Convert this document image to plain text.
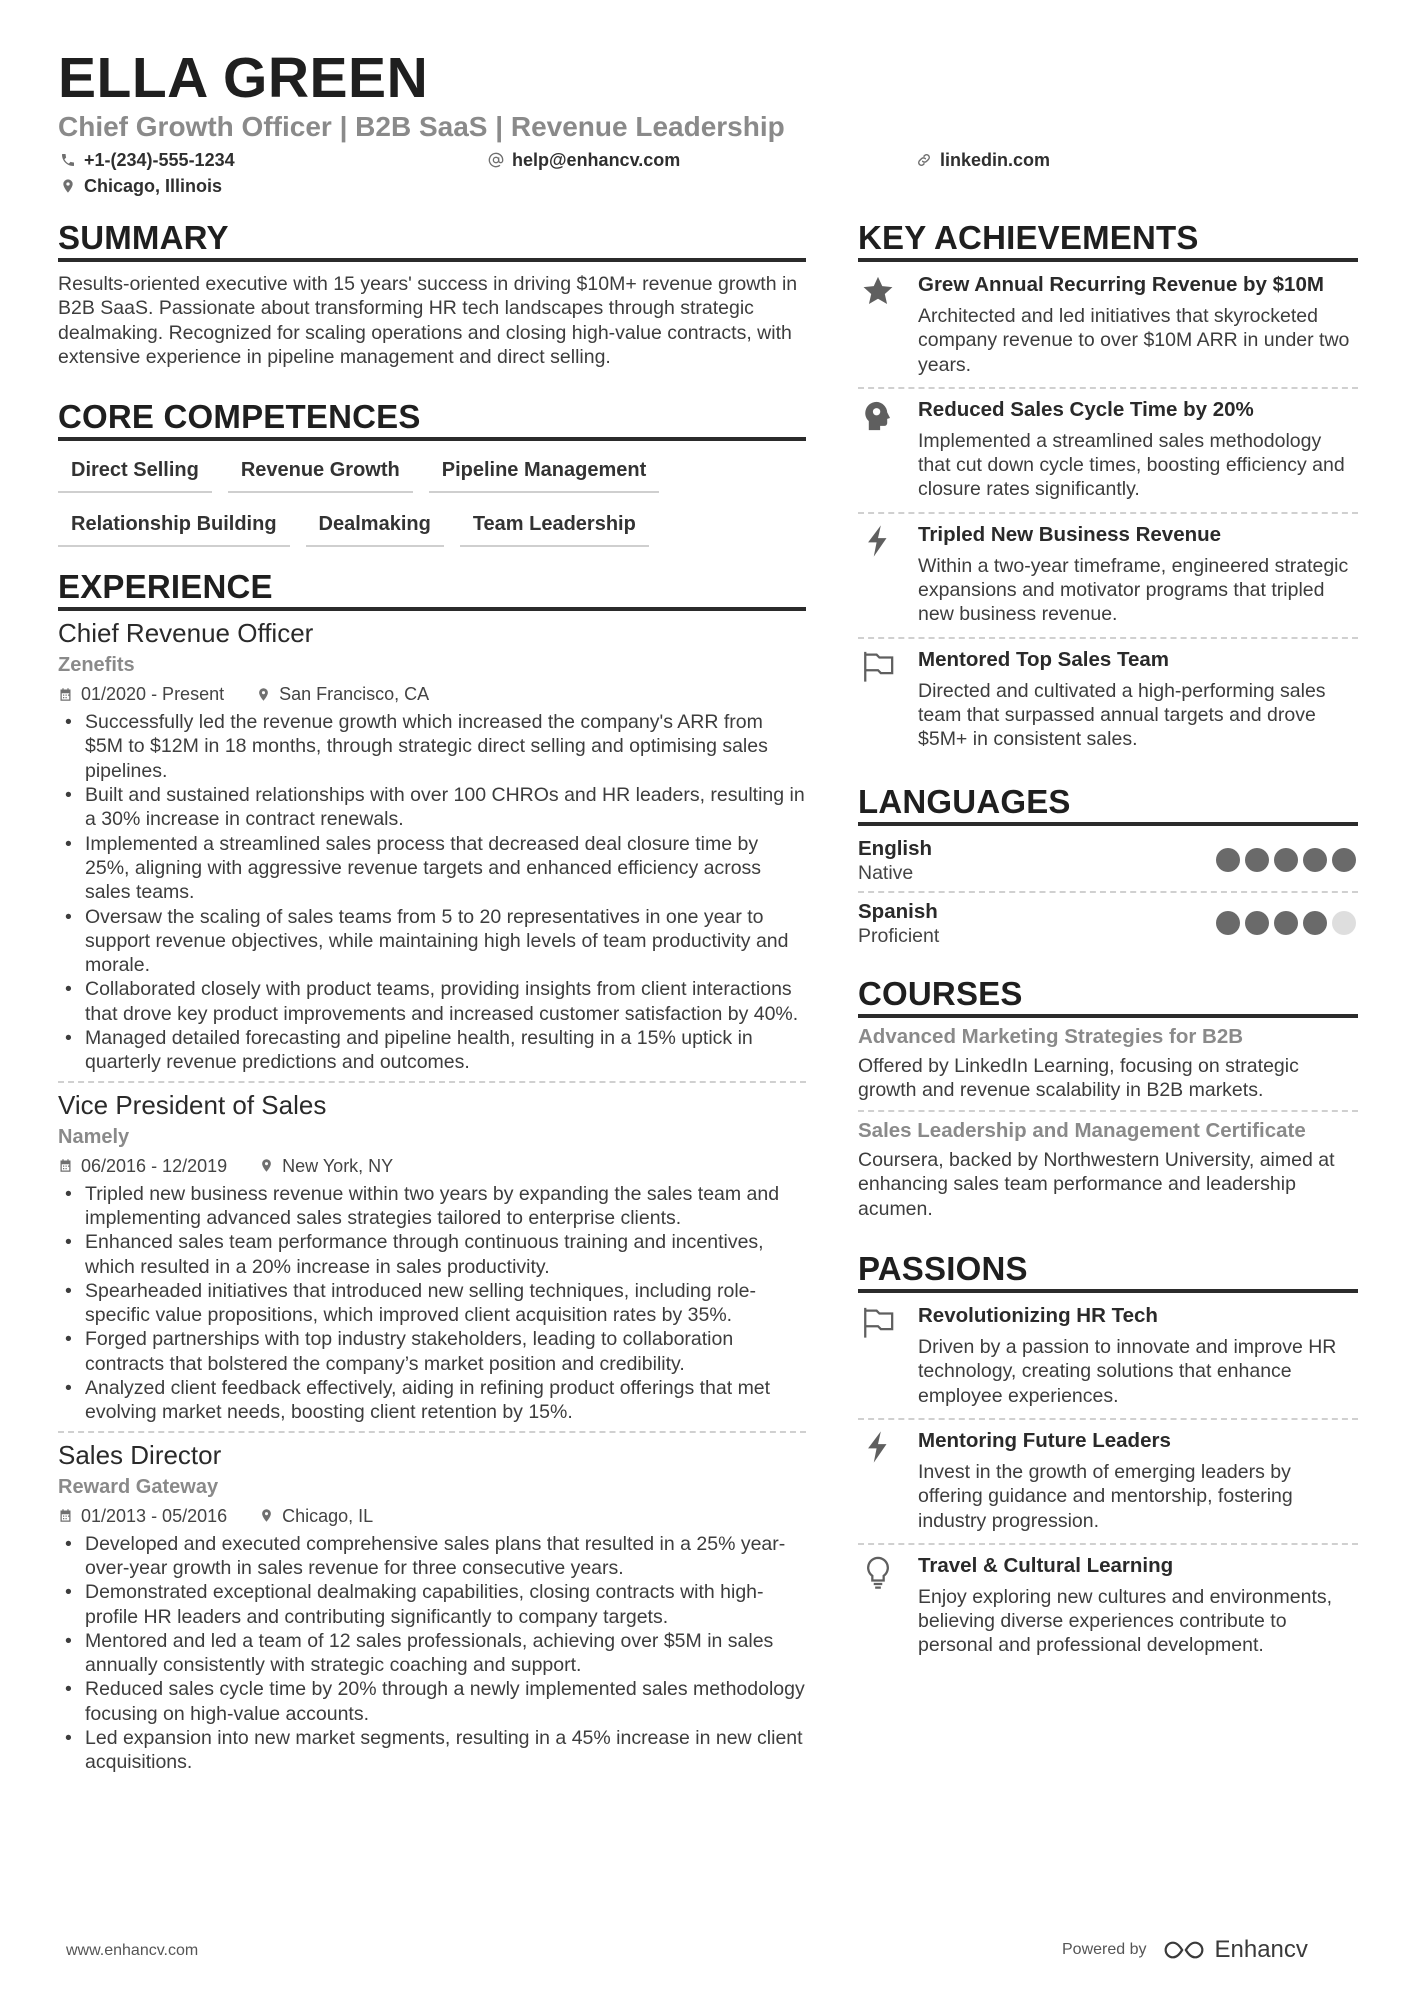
ELLA GREEN
Chief Growth Officer | B2B SaaS | Revenue Leadership
+1-(234)-555-1234	help@enhancv.com	linkedin.com
Chicago, Illinois
SUMMARY

Results-oriented executive with 15 years' success in driving $10M+ revenue growth in B2B SaaS. Passionate about transforming HR tech landscapes through strategic dealmaking. Recognized for scaling operations and closing high-value contracts, with extensive experience in pipeline management and direct selling.

CORE COMPETENCES
Direct Selling	Revenue Growth	Pipeline Management
Relationship Building	Dealmaking	Team Leadership
EXPERIENCE
Chief Revenue Officer
Zenefits
01/2020 - Present	San Francisco, CA
• Successfully led the revenue growth which increased the company's ARR from $5M to $12M in 18 months, through strategic direct selling and optimising sales pipelines.
• Built and sustained relationships with over 100 CHROs and HR leaders, resulting in a 30% increase in contract renewals.
• Implemented a streamlined sales process that decreased deal closure time by 25%, aligning with aggressive revenue targets and enhanced efficiency across sales teams.
• Oversaw the scaling of sales teams from 5 to 20 representatives in one year to support revenue objectives, while maintaining high levels of team productivity and morale.
• Collaborated closely with product teams, providing insights from client interactions that drove key product improvements and increased customer satisfaction by 40%.
• Managed detailed forecasting and pipeline health, resulting in a 15% uptick in quarterly revenue predictions and outcomes.
Vice President of Sales
Namely
06/2016 - 12/2019	New York, NY
• Tripled new business revenue within two years by expanding the sales team and implementing advanced sales strategies tailored to enterprise clients.
• Enhanced sales team performance through continuous training and incentives, which resulted in a 20% increase in sales productivity.
• Spearheaded initiatives that introduced new selling techniques, including role-specific value propositions, which improved client acquisition rates by 35%.
• Forged partnerships with top industry stakeholders, leading to collaboration contracts that bolstered the company’s market position and credibility.
• Analyzed client feedback effectively, aiding in refining product offerings that met evolving market needs, boosting client retention by 15%.
Sales Director
Reward Gateway
01/2013 - 05/2016	Chicago, IL
• Developed and executed comprehensive sales plans that resulted in a 25% year-over-year growth in sales revenue for three consecutive years.
• Demonstrated exceptional dealmaking capabilities, closing contracts with high-profile HR leaders and contributing significantly to company targets.
• Mentored and led a team of 12 sales professionals, achieving over $5M in sales annually consistently with strategic coaching and support.
• Reduced sales cycle time by 20% through a newly implemented sales methodology focusing on high-value accounts.
• Led expansion into new market segments, resulting in a 45% increase in new client acquisitions.
KEY ACHIEVEMENTS
Grew Annual Recurring Revenue by $10M
Architected and led initiatives that skyrocketed company revenue to over $10M ARR in under two years.
Reduced Sales Cycle Time by 20%
Implemented a streamlined sales methodology that cut down cycle times, boosting efficiency and closure rates significantly.
Tripled New Business Revenue
Within a two-year timeframe, engineered strategic expansions and motivator programs that tripled new business revenue.
Mentored Top Sales Team
Directed and cultivated a high-performing sales team that surpassed annual targets and drove $5M+ in consistent sales.
LANGUAGES
English
Native
Spanish
Proficient
COURSES
Advanced Marketing Strategies for B2B
Offered by LinkedIn Learning, focusing on strategic growth and revenue scalability in B2B markets.
Sales Leadership and Management Certificate
Coursera, backed by Northwestern University, aimed at enhancing sales team performance and leadership acumen.
PASSIONS
Revolutionizing HR Tech
Driven by a passion to innovate and improve HR technology, creating solutions that enhance employee experiences.
Mentoring Future Leaders
Invest in the growth of emerging leaders by offering guidance and mentorship, fostering industry progression.
Travel & Cultural Learning
Enjoy exploring new cultures and environments, believing diverse experiences contribute to personal and professional development.
www.enhancv.com	Powered by	Enhancv
